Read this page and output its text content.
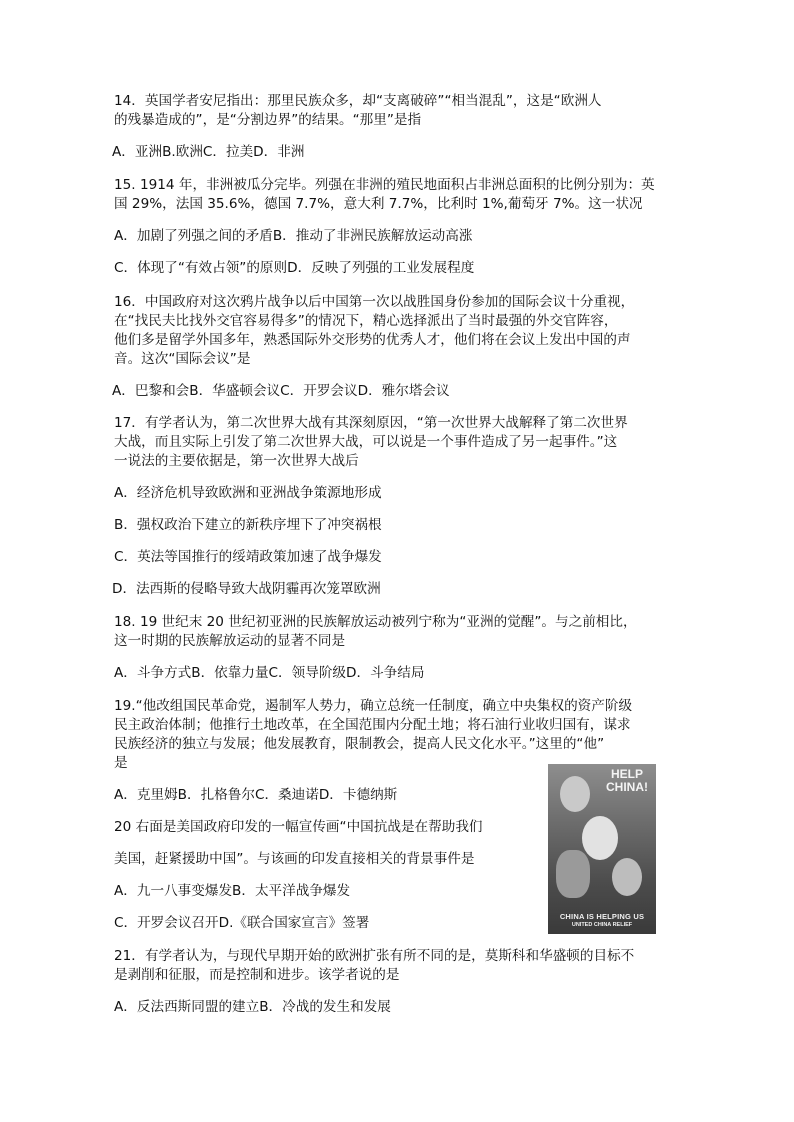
14．英国学者安尼指出：那里民族众多，却“支离破碎”“相当混乱”，这是“欧洲人
的残暴造成的”，是“分割边界”的结果。“那里”是指
A．亚洲B.欧洲C．拉美D．非洲
15. 1914 年，非洲被瓜分完毕。列强在非洲的殖民地面积占非洲总面积的比例分别为：英
国 29%，法国 35.6%，德国 7.7%，意大利 7.7%，比利时 1%,葡萄牙 7%。这一状况
A．加剧了列强之间的矛盾B．推动了非洲民族解放运动高涨
C．体现了“有效占领”的原则D．反映了列强的工业发展程度
16．中国政府对这次鸦片战争以后中国第一次以战胜国身份参加的国际会议十分重视，
在“找民夫比找外交官容易得多”的情况下，精心选择派出了当时最强的外交官阵容，
他们多是留学外国多年，熟悉国际外交形势的优秀人才，他们将在会议上发出中国的声
音。这次“国际会议”是
A．巴黎和会B．华盛顿会议C．开罗会议D．雅尔塔会议
17．有学者认为，第二次世界大战有其深刻原因，“第一次世界大战解释了第二次世界
大战，而且实际上引发了第二次世界大战，可以说是一个事件造成了另一起事件。”这
一说法的主要依据是，第一次世界大战后
A．经济危机导致欧洲和亚洲战争策源地形成
B．强权政治下建立的新秩序埋下了冲突祸根
C．英法等国推行的绥靖政策加速了战争爆发
D．法西斯的侵略导致大战阴霾再次笼罩欧洲
18. 19 世纪末 20 世纪初亚洲的民族解放运动被列宁称为“亚洲的觉醒”。与之前相比，
这一时期的民族解放运动的显著不同是
A．斗争方式B．依靠力量C．领导阶级D．斗争结局
19.“他改组国民革命党，遏制军人势力，确立总统一任制度，确立中央集权的资产阶级
民主政治体制；他推行土地改革，在全国范围内分配土地；将石油行业收归国有，谋求
民族经济的独立与发展；他发展教育，限制教会，提高人民文化水平。”这里的“他”
是
A．克里姆B．扎格鲁尔C．桑迪诺D．卡德纳斯
20 右面是美国政府印发的一幅宣传画“中国抗战是在帮助我们
美国，赶紧援助中国”。与该画的印发直接相关的背景事件是
A．九一八事变爆发B．太平洋战争爆发
C．开罗会议召开D.《联合国家宣言》签署
21．有学者认为，与现代早期开始的欧洲扩张有所不同的是，莫斯科和华盛顿的目标不
是剥削和征服，而是控制和进步。该学者说的是
A．反法西斯同盟的建立B．冷战的发生和发展
HELP
CHINA!
CHINA IS HELPING US
UNITED CHINA RELIEF
